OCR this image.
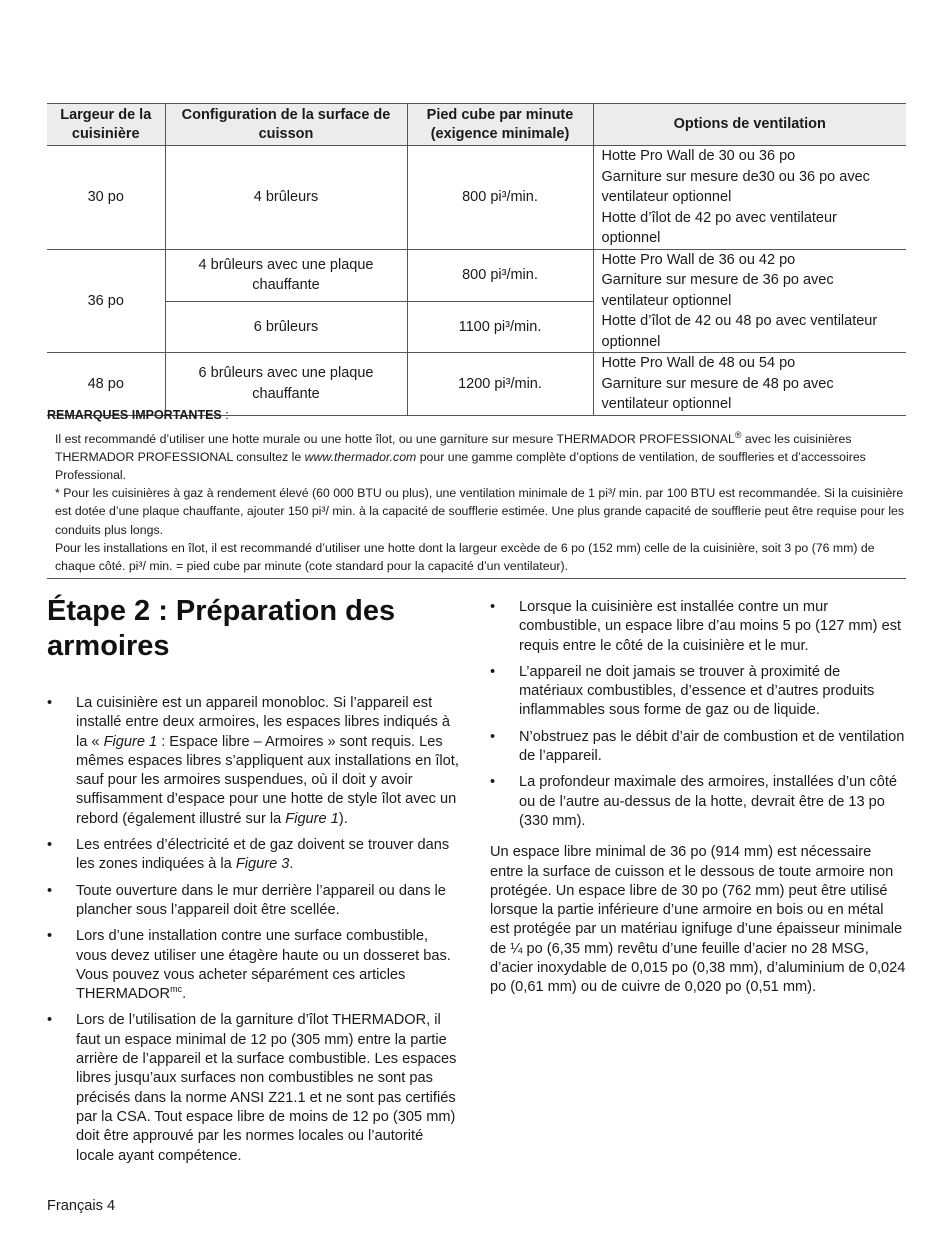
Largeur de la cuisinière	Configuration de la surface de cuisson	Pied cube par minute (exigence minimale)	Options de ventilation
30 po	4 brûleurs	800 pi³/min.	Hotte Pro Wall de 30 ou 36 po
Garniture sur mesure de30 ou 36 po avec ventilateur optionnel
Hotte d’îlot de 42 po avec ventilateur optionnel

36 po	4 brûleurs avec une plaque chauffante	800 pi³/min.	Hotte Pro Wall de 36 ou 42 po
Garniture sur mesure de 36 po avec ventilateur optionnel
Hotte d’îlot de 42 ou 48 po avec ventilateur optionnel

	6 brûleurs	1100 pi³/min.	
48 po	6 brûleurs avec une plaque chauffante	1200 pi³/min.	Hotte Pro Wall de 48 ou 54 po
Garniture sur mesure de 48 po avec ventilateur optionnel
REMARQUES IMPORTANTES :

Il est recommandé d’utiliser une hotte murale ou une hotte îlot, ou une garniture sur mesure THERMADOR PROFESSIONAL® avec les cuisinières THERMADOR PROFESSIONAL consultez le www.thermador.com pour une gamme complète d’options de ventilation, de souffleries et d’accessoires Professional.

* Pour les cuisinières à gaz à rendement élevé (60 000 BTU ou plus), une ventilation minimale de 1 pi³/ min. par 100 BTU est recommandée. Si la cuisinière est dotée d’une plaque chauffante, ajouter 150 pi³/ min. à la capacité de soufflerie estimée. Une plus grande capacité de soufflerie peut être requise pour les conduits plus longs.

Pour les installations en îlot, il est recommandé d’utiliser une hotte dont la largeur excède de 6 po (152 mm) celle de la cuisinière, soit 3 po (76 mm) de chaque côté. pi³/ min. = pied cube par minute (cote standard pour la capacité d’un ventilateur).

Étape 2 : Préparation des armoires
• La cuisinière est un appareil monobloc. Si l’appareil est installé entre deux armoires, les espaces libres indiqués à la « Figure 1 : Espace libre – Armoires » sont requis. Les mêmes espaces libres s’appliquent aux installations en îlot, sauf pour les armoires suspendues, où il doit y avoir suffisamment d’espace pour une hotte de style îlot avec un rebord (également illustré sur la Figure 1).
• Les entrées d’électricité et de gaz doivent se trouver dans les zones indiquées à la Figure 3.
• Toute ouverture dans le mur derrière l’appareil ou dans le plancher sous l’appareil doit être scellée.
• Lors d’une installation contre une surface combustible, vous devez utiliser une étagère haute ou un dosseret bas. Vous pouvez vous acheter séparément ces articles $THERMADOR^{mc}$.
• Lors de l’utilisation de la garniture d’îlot THERMADOR, il faut un espace minimal de 12 po (305 mm) entre la partie arrière de l’appareil et la surface combustible. Les espaces libres jusqu’aux surfaces non combustibles ne sont pas précisés dans la norme ANSI Z21.1 et ne sont pas certifiés par la CSA. Tout espace libre de moins de 12 po (305 mm) doit être approuvé par les normes locales ou l’autorité locale ayant compétence.
• Lorsque la cuisinière est installée contre un mur combustible, un espace libre d’au moins 5 po (127 mm) est requis entre le côté de la cuisinière et le mur.
• L’appareil ne doit jamais se trouver à proximité de matériaux combustibles, d’essence et d’autres produits inflammables sous forme de gaz ou de liquide.
• N’obstruez pas le débit d’air de combustion et de ventilation de l’appareil.
• La profondeur maximale des armoires, installées d’un côté ou de l’autre au-dessus de la hotte, devrait être de 13 po (330 mm).

Un espace libre minimal de 36 po (914 mm) est nécessaire entre la surface de cuisson et le dessous de toute armoire non protégée. Un espace libre de 30 po (762 mm) peut être utilisé lorsque la partie inférieure d’une armoire en bois ou en métal est protégée par un matériau ignifuge d’une épaisseur minimale de ¼ po (6,35 mm) revêtu d’une feuille d’acier no 28 MSG, d’acier inoxydable de 0,015 po (0,38 mm), d’aluminium de 0,024 po (0,61 mm) ou de cuivre de 0,020 po (0,51 mm).

Français 4
